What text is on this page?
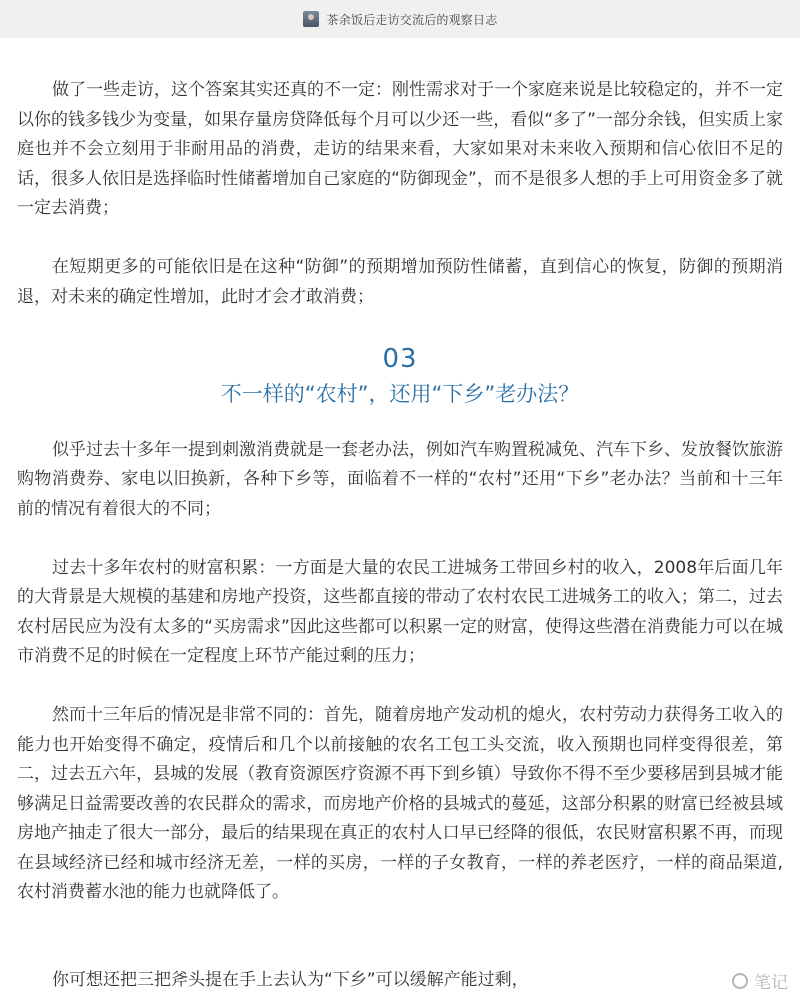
茶余饭后走访交流后的观察日志

做了一些走访，这个答案其实还真的不一定：刚性需求对于一个家庭来说是比较稳定的，并不一定以你的钱多钱少为变量，如果存量房贷降低每个月可以少还一些，看似“多了”一部分余钱，但实质上家庭也并不会立刻用于非耐用品的消费，走访的结果来看，大家如果对未来收入预期和信心依旧不足的话，很多人依旧是选择临时性储蓄增加自己家庭的“防御现金”，而不是很多人想的手上可用资金多了就一定去消费；

在短期更多的可能依旧是在这种“防御”的预期增加预防性储蓄，直到信心的恢复，防御的预期消退，对未来的确定性增加，此时才会才敢消费；

03
不一样的“农村”，还用“下乡”老办法？

似乎过去十多年一提到刺激消费就是一套老办法，例如汽车购置税减免、汽车下乡、发放餐饮旅游购物消费券、家电以旧换新，各种下乡等，面临着不一样的“农村”还用“下乡”老办法？当前和十三年前的情况有着很大的不同；

过去十多年农村的财富积累：一方面是大量的农民工进城务工带回乡村的收入，2008年后面几年的大背景是大规模的基建和房地产投资，这些都直接的带动了农村农民工进城务工的收入；第二，过去农村居民应为没有太多的“买房需求”因此这些都可以积累一定的财富，使得这些潜在消费能力可以在城市消费不足的时候在一定程度上环节产能过剩的压力；

然而十三年后的情况是非常不同的：首先，随着房地产发动机的熄火，农村劳动力获得务工收入的能力也开始变得不确定，疫情后和几个以前接触的农名工包工头交流，收入预期也同样变得很差，第二，过去五六年，县城的发展（教育资源医疗资源不再下到乡镇）导致你不得不至少要移居到县城才能够满足日益需要改善的农民群众的需求，而房地产价格的县城式的蔓延，这部分积累的财富已经被县域房地产抽走了很大一部分，最后的结果现在真正的农村人口早已经降的很低，农民财富积累不再，而现在县域经济已经和城市经济无差，一样的买房，一样的子女教育，一样的养老医疗，一样的商品渠道,农村消费蓄水池的能力也就降低了。

你可想还把三把斧头提在手上去认为“下乡”可以缓解产能过剩，	笔记
